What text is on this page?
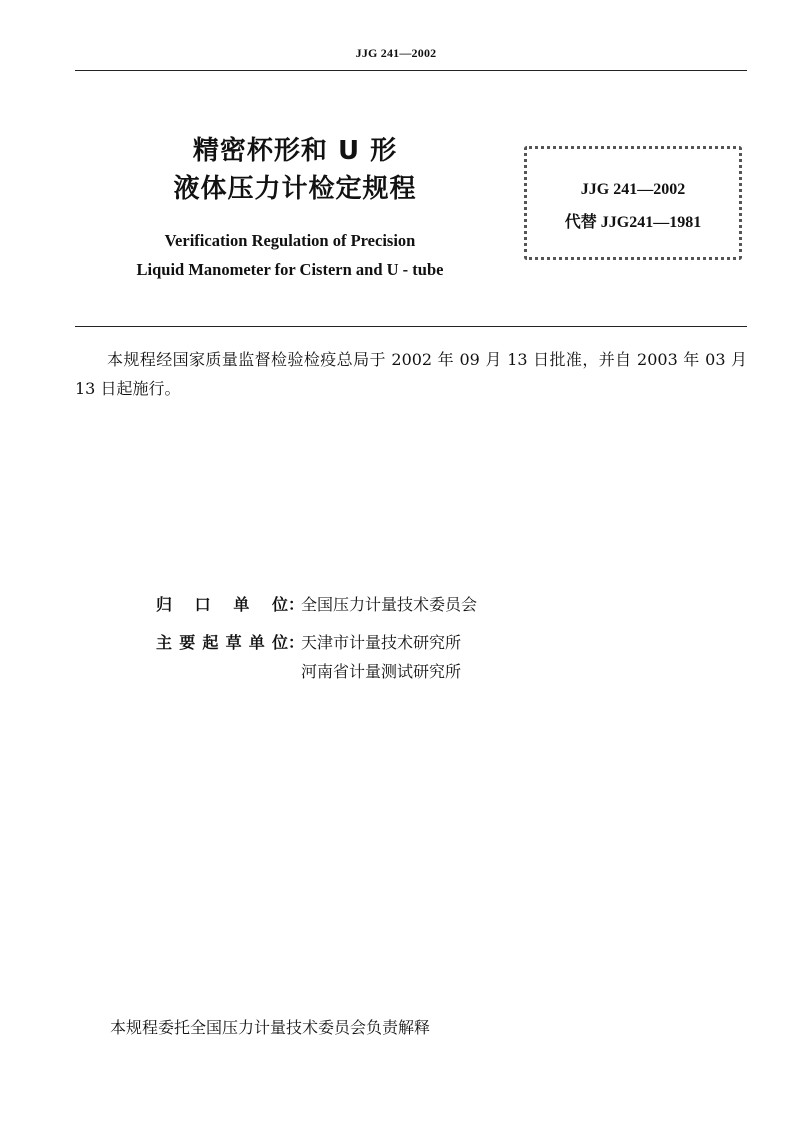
JJG 241—2002
精密杯形和 U 形
液体压力计检定规程
Verification Regulation of Precision
Liquid Manometer for Cistern and U - tube
JJG 241—2002
代替 JJG241—1981
本规程经国家质量监督检验检疫总局于 2002 年 09 月 13 日批准，并自 2003 年 03 月 13 日起施行。
归口单位 ：
全国压力计量技术委员会
主要起草单位 ：
天津市计量技术研究所
河南省计量测试研究所
本规程委托全国压力计量技术委员会负责解释
